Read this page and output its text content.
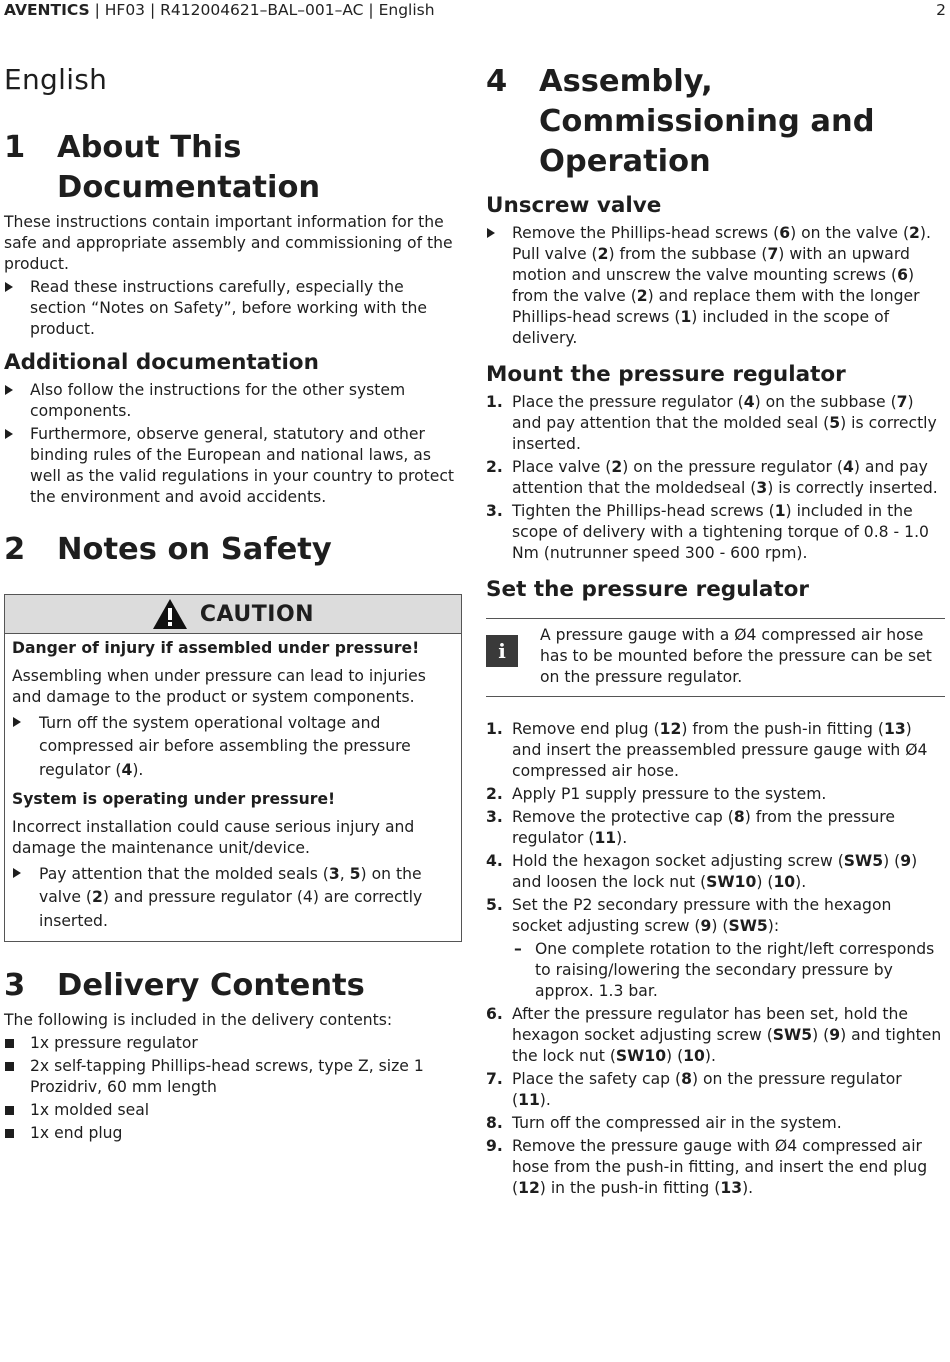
AVENTICS | HF03 | R412004621–BAL–001–AC | English	2
English
1	About This Documentation

These instructions contain important information for the safe and appropriate assembly and commissioning of the product.

Read these instructions carefully, especially the section “Notes on Safety”, before working with the product.
Additional documentation
Also follow the instructions for the other system components.
Furthermore, observe general, statutory and other binding rules of the European and national laws, as well as the valid regulations in your country to protect the environment and avoid accidents.
2	Notes on Safety
CAUTION

Danger of injury if assembled under pressure!

Assembling when under pressure can lead to injuries and damage to the product or system components.

Turn off the system operational voltage and compressed air before assembling the pressure regulator (4).

System is operating under pressure!

Incorrect installation could cause serious injury and damage the maintenance unit/device.

Pay attention that the molded seals (3, 5) on the valve (2) and pressure regulator (4) are correctly inserted.
3	Delivery Contents

The following is included in the delivery contents:

1x pressure regulator
2x self-tapping Phillips-head screws, type Z, size 1 Prozidriv, 60 mm length
1x molded seal
1x end plug
4	Assembly, Commissioning and Operation
Unscrew valve
Remove the Phillips-head screws (6) on the valve (2). Pull valve (2) from the subbase (7) with an upward motion and unscrew the valve mounting screws (6) from the valve (2) and replace them with the longer Phillips-head screws (1) included in the scope of delivery.
Mount the pressure regulator
1. Place the pressure regulator (4) on the subbase (7) and pay attention that the molded seal (5) is correctly inserted.
2. Place valve (2) on the pressure regulator (4) and pay attention that the moldedseal (3) is correctly inserted.
3. Tighten the Phillips-head screws (1) included in the scope of delivery with a tightening torque of 0.8 - 1.0 Nm (nutrunner speed 300 - 600 rpm).
Set the pressure regulator
i
A pressure gauge with a Ø4 compressed air hose has to be mounted before the pressure can be set on the pressure regulator.
1. Remove end plug (12) from the push-in fitting (13) and insert the preassembled pressure gauge with Ø4 compressed air hose.
2. Apply P1 supply pressure to the system.
3. Remove the protective cap (8) from the pressure regulator (11).
4. Hold the hexagon socket adjusting screw (SW5) (9) and loosen the lock nut (SW10) (10).
5. Set the P2 secondary pressure with the hexagon socket adjusting screw (9) (SW5):
– One complete rotation to the right/left corresponds to raising/lowering the secondary pressure by approx. 1.3 bar.
6. After the pressure regulator has been set, hold the hexagon socket adjusting screw (SW5) (9) and tighten the lock nut (SW10) (10).
7. Place the safety cap (8) on the pressure regulator (11).
8. Turn off the compressed air in the system.
9. Remove the pressure gauge with Ø4 compressed air hose from the push-in fitting, and insert the end plug (12) in the push-in fitting (13).
